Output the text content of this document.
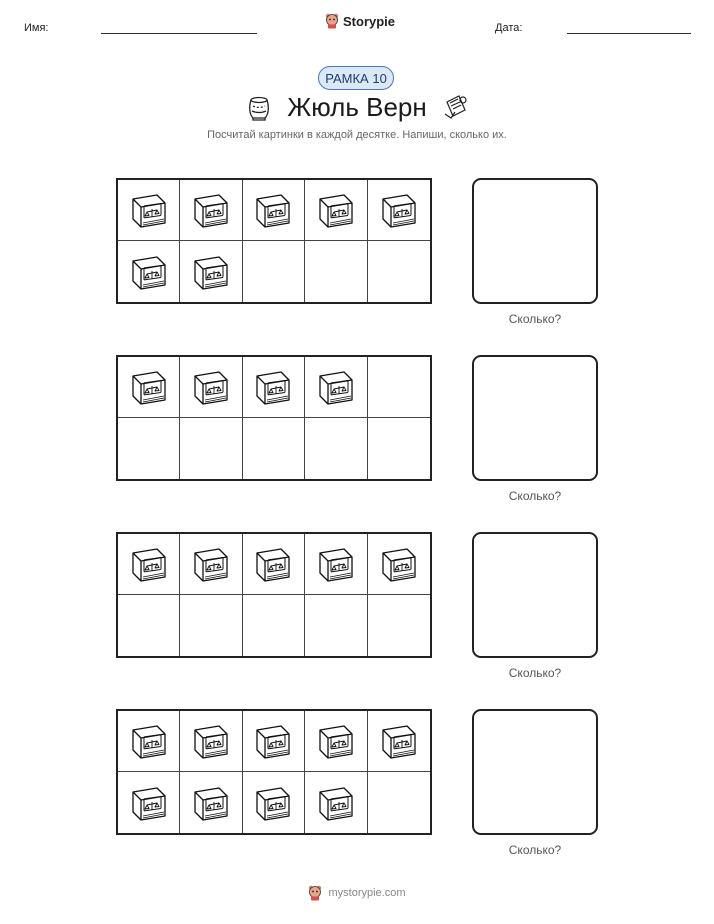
Имя:	Storypie	Дата:
РАМКА 10
Жюль Верн
Посчитай картинки в каждой десятке. Напиши, сколько их.
Сколько?
Сколько?
Сколько?
Сколько?
mystorypie.com
